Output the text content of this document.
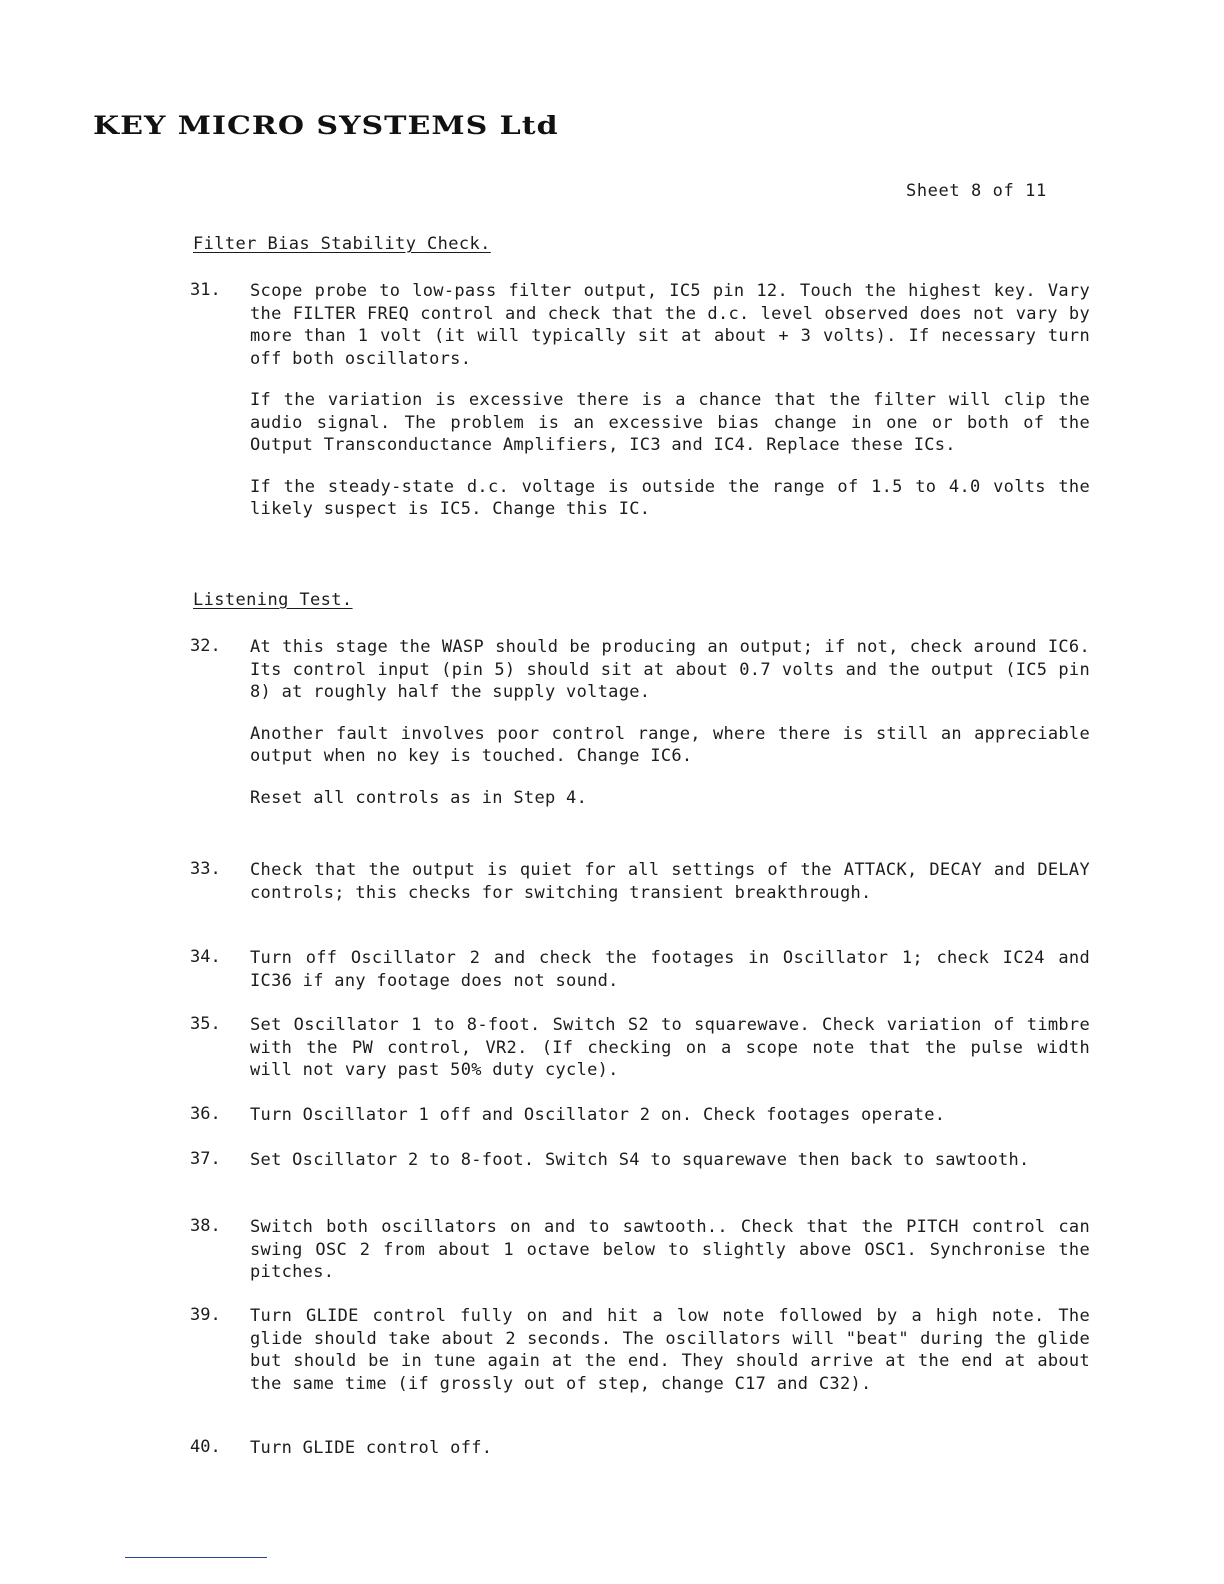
KEY MICRO SYSTEMS Ltd
Sheet 8 of 11
Filter Bias Stability Check.
31.	Scope probe to low-pass filter output, IC5 pin 12. Touch the highest key. Vary the FILTER FREQ control and check that the d.c. level observed does not vary by more than 1 volt (it will typically sit at about + 3 volts). If necessary turn off both oscillators.

If the variation is excessive there is a chance that the filter will clip the audio signal. The problem is an excessive bias change in one or both of the Output Transconductance Amplifiers, IC3 and IC4. Replace these ICs.

If the steady-state d.c. voltage is outside the range of 1.5 to 4.0 volts the likely suspect is IC5. Change this IC.

Listening Test.
32.	At this stage the WASP should be producing an output; if not, check around IC6. Its control input (pin 5) should sit at about 0.7 volts and the output (IC5 pin 8) at roughly half the supply voltage.

Another fault involves poor control range, where there is still an appreciable output when no key is touched. Change IC6.

Reset all controls as in Step 4.

33.	Check that the output is quiet for all settings of the ATTACK, DECAY and DELAY controls; this checks for switching transient breakthrough.

34.	Turn off Oscillator 2 and check the footages in Oscillator 1; check IC24 and IC36 if any footage does not sound.

35.	Set Oscillator 1 to 8-foot. Switch S2 to squarewave. Check variation of timbre with the PW control, VR2. (If checking on a scope note that the pulse width will not vary past 50% duty cycle).

36.	Turn Oscillator 1 off and Oscillator 2 on. Check footages operate.

37.	Set Oscillator 2 to 8-foot. Switch S4 to squarewave then back to sawtooth.

38.	Switch both oscillators on and to sawtooth.. Check that the PITCH control can swing OSC 2 from about 1 octave below to slightly above OSC1. Synchronise the pitches.

39.	Turn GLIDE control fully on and hit a low note followed by a high note. The glide should take about 2 seconds. The oscillators will "beat" during the glide but should be in tune again at the end. They should arrive at the end at about the same time (if grossly out of step, change C17 and C32).

40.	Turn GLIDE control off.
